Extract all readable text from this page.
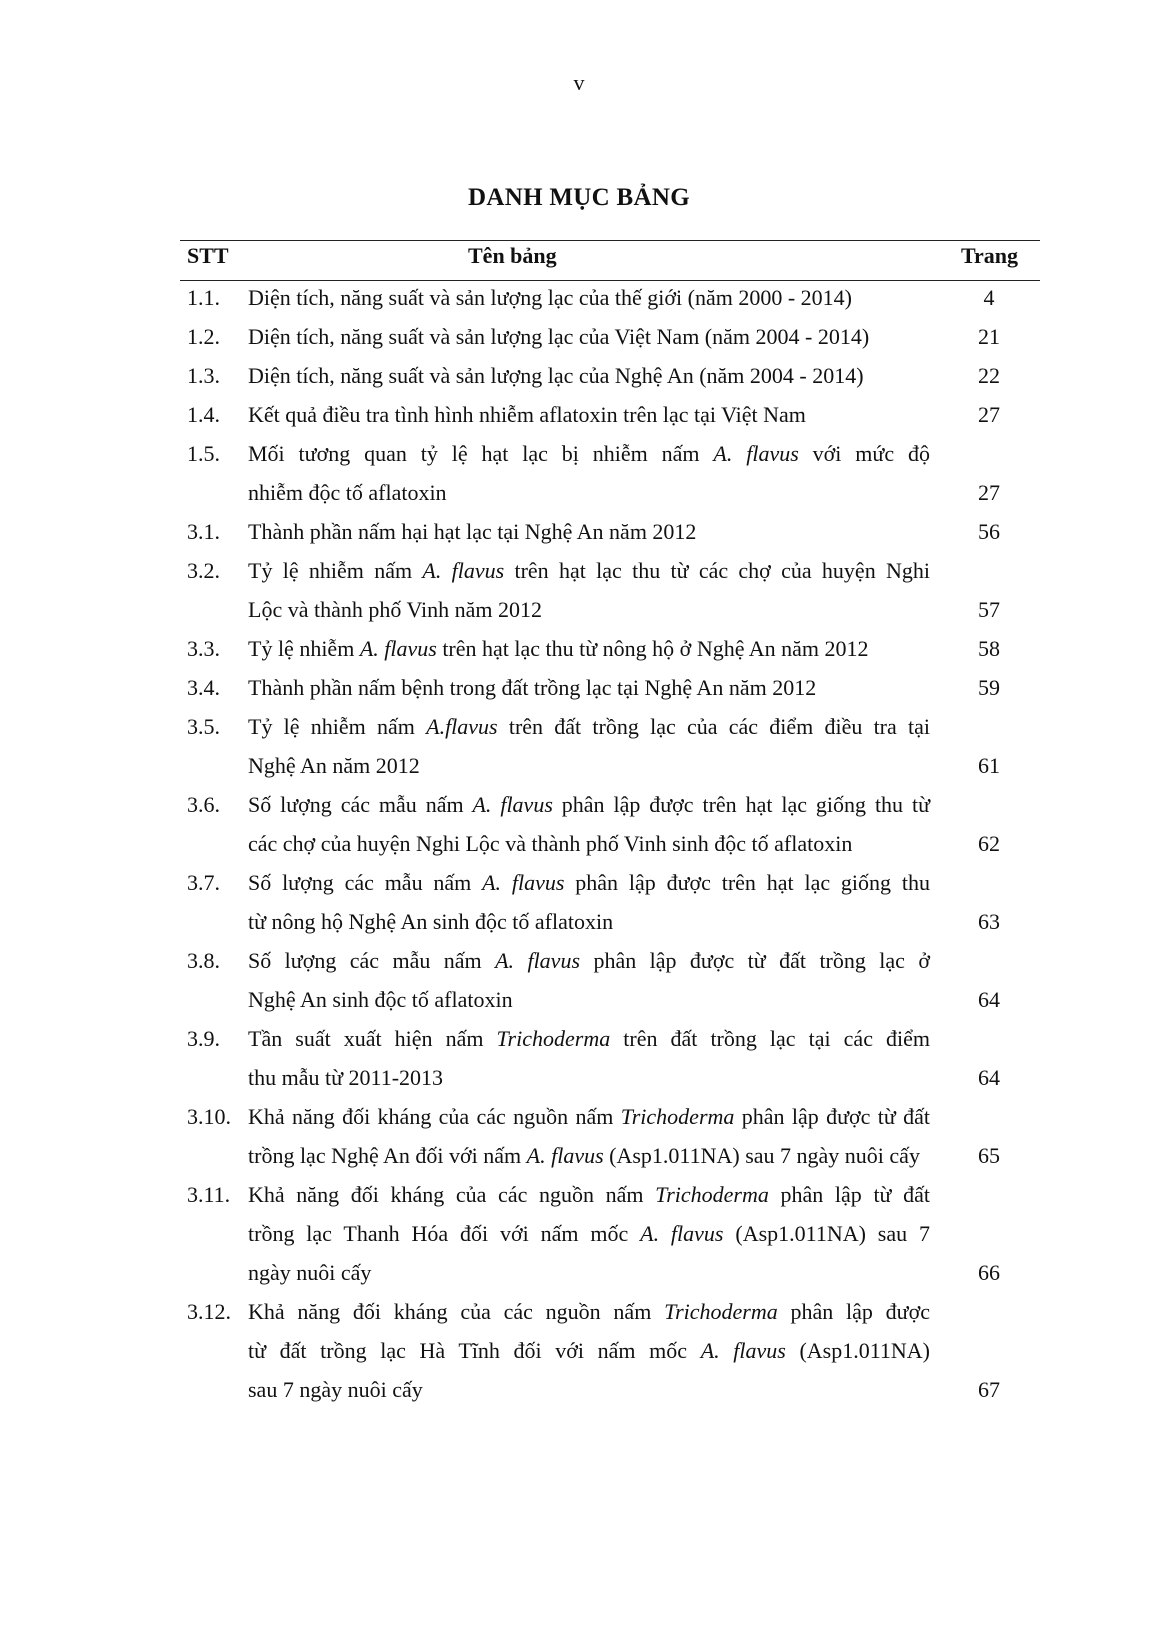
v
DANH MỤC BẢNG
STT	Tên bảng	Trang
1.1. Diện tích, năng suất và sản lượng lạc của thế giới (năm 2000 - 2014)	4
1.2. Diện tích, năng suất và sản lượng lạc của Việt Nam (năm 2004 - 2014)	21
1.3. Diện tích, năng suất và sản lượng lạc của Nghệ An (năm 2004 - 2014)	22
1.4. Kết quả điều tra tình hình nhiễm aflatoxin trên lạc tại Việt Nam	27
1.5. Mối tương quan tỷ lệ hạt lạc bị nhiễm nấm A. flavus với mức độ
nhiễm độc tố aflatoxin	27
3.1. Thành phần nấm hại hạt lạc tại Nghệ An năm 2012	56
3.2. Tỷ lệ nhiễm nấm A. flavus trên hạt lạc thu từ các chợ của huyện Nghi
Lộc và thành phố Vinh năm 2012	57
3.3. Tỷ lệ nhiễm A. flavus trên hạt lạc thu từ nông hộ ở Nghệ An năm 2012	58
3.4. Thành phần nấm bệnh trong đất trồng lạc tại Nghệ An năm 2012	59
3.5. Tỷ lệ nhiễm nấm A.flavus trên đất trồng lạc của các điểm điều tra tại
Nghệ An năm 2012	61
3.6. Số lượng các mẫu nấm A. flavus phân lập được trên hạt lạc giống thu từ
các chợ của huyện Nghi Lộc và thành phố Vinh sinh độc tố aflatoxin	62
3.7. Số lượng các mẫu nấm A. flavus phân lập được trên hạt lạc giống thu
từ nông hộ Nghệ An sinh độc tố aflatoxin	63
3.8. Số lượng các mẫu nấm A. flavus phân lập được từ đất trồng lạc ở
Nghệ An sinh độc tố aflatoxin	64
3.9. Tần suất xuất hiện nấm Trichoderma trên đất trồng lạc tại các điểm
thu mẫu từ 2011-2013	64
3.10. Khả năng đối kháng của các nguồn nấm Trichoderma phân lập được từ đất
trồng lạc Nghệ An đối với nấm A. flavus (Asp1.011NA) sau 7 ngày nuôi cấy	65
3.11. Khả năng đối kháng của các nguồn nấm Trichoderma phân lập từ đất
trồng lạc Thanh Hóa đối với nấm mốc A. flavus (Asp1.011NA) sau 7
ngày nuôi cấy	66
3.12. Khả năng đối kháng của các nguồn nấm Trichoderma phân lập được
từ đất trồng lạc Hà Tĩnh đối với nấm mốc A. flavus (Asp1.011NA)
sau 7 ngày nuôi cấy	67
